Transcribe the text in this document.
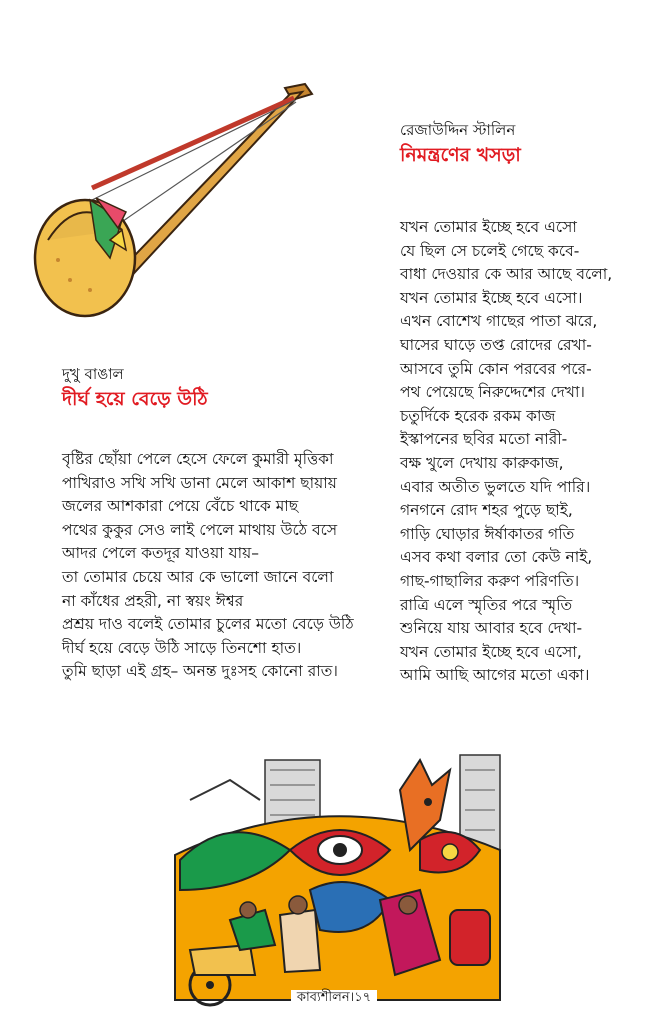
রেজাউদ্দিন স্টালিন

নিমন্ত্রণের খসড়া

যখন তোমার ইচ্ছে হবে এসো
যে ছিল সে চলেই গেছে কবে-
বাধা দেওয়ার কে আর আছে বলো,
যখন তোমার ইচ্ছে হবে এসো।
এখন বোশেখ গাছের পাতা ঝরে,
ঘাসের ঘাড়ে তপ্ত রোদের রেখা-
আসবে তুমি কোন পরবের পরে-
পথ পেয়েছে নিরুদ্দেশের দেখা।
চতুর্দিকে হরেক রকম কাজ
ইস্কাপনের ছবির মতো নারী-
বক্ষ খুলে দেখায় কারুকাজ,
এবার অতীত ভুলতে যদি পারি।
গনগনে রোদ শহর পুড়ে ছাই,
গাড়ি ঘোড়ার ঈর্ষাকাতর গতি
এসব কথা বলার তো কেউ নাই,
গাছ-গাছালির করুণ পরিণতি।
রাত্রি এলে স্মৃতির পরে স্মৃতি
শুনিয়ে যায় আবার হবে দেখা-
যখন তোমার ইচ্ছে হবে এসো,
আমি আছি আগের মতো একা।

দুখু বাঙাল

দীর্ঘ হয়ে বেড়ে উঠি

বৃষ্টির ছোঁয়া পেলে হেসে ফেলে কুমারী মৃত্তিকা
পাখিরাও সখি সখি ডানা মেলে আকাশ ছায়ায়
জলের আশকারা পেয়ে বেঁচে থাকে মাছ
পথের কুকুর সেও লাই পেলে মাথায় উঠে বসে
আদর পেলে কতদূর যাওয়া যায়–
তা তোমার চেয়ে আর কে ভালো জানে বলো
না কাঁধের প্রহরী, না স্বয়ং ঈশ্বর
প্রশ্রয় দাও বলেই তোমার চুলের মতো বেড়ে উঠি
দীর্ঘ হয়ে বেড়ে উঠি সাড়ে তিনশো হাত।
তুমি ছাড়া এই গ্রহ– অনন্ত দুঃসহ কোনো রাত।
কাব্যশীলন।১৭
